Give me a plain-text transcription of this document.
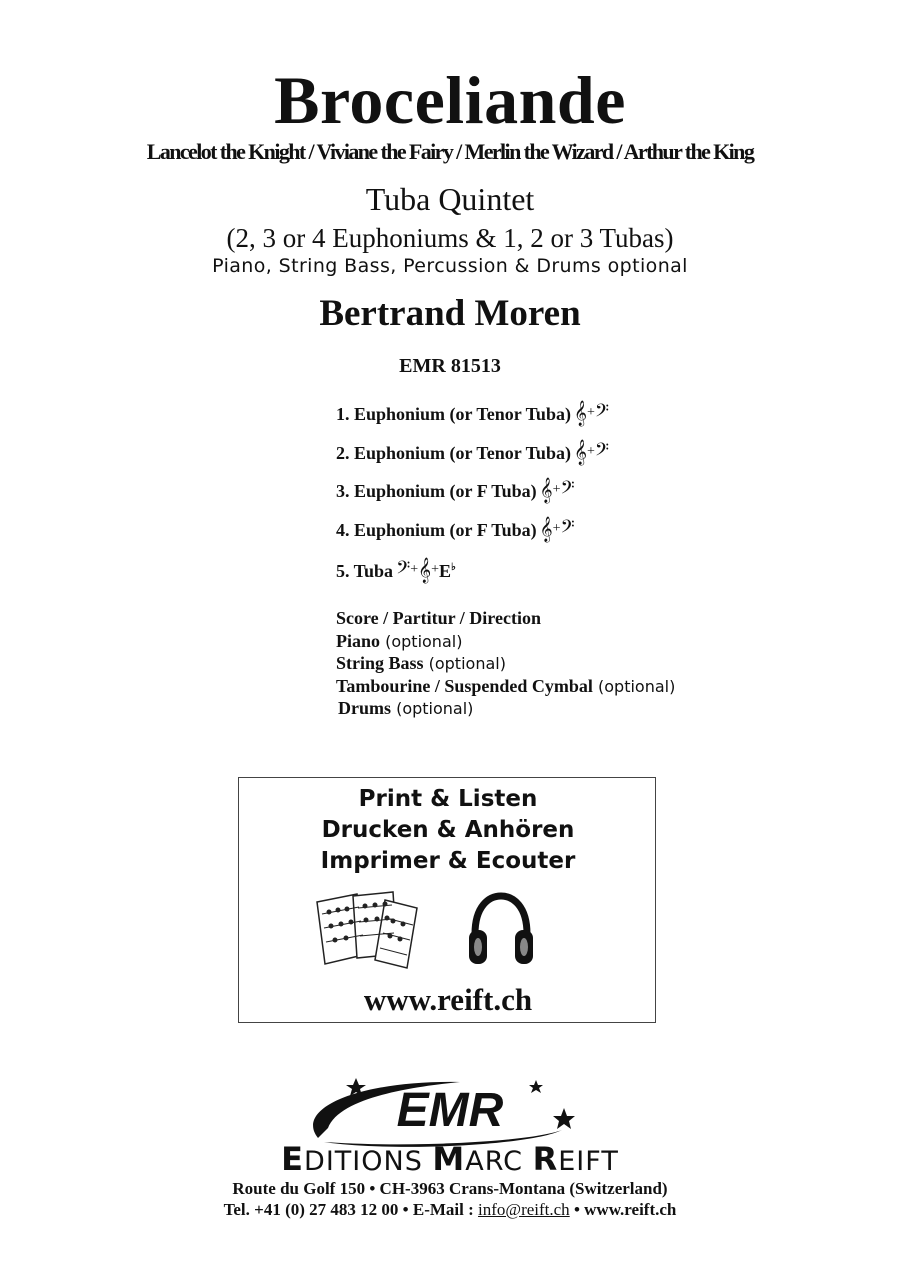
Broceliande
Lancelot the Knight / Viviane the Fairy / Merlin the Wizard / Arthur the King
Tuba Quintet
(2, 3 or 4 Euphoniums & 1, 2 or 3 Tubas)
Piano, String Bass, Percussion & Drums optional
Bertrand Moren
EMR 81513
1. Euphonium (or Tenor Tuba) 𝄞+𝄢
2. Euphonium (or Tenor Tuba) 𝄞+𝄢
3. Euphonium (or F Tuba) 𝄞+𝄢
4. Euphonium (or F Tuba) 𝄞+𝄢
5. Tuba 𝄢+𝄞+E♭
Score / Partitur / Direction
Piano (optional)
String Bass (optional)
Tambourine / Suspended Cymbal (optional)
Drums (optional)
Print & Listen
Drucken & Anhören
Imprimer & Ecouter
www.reift.ch
EMR
EDITIONS MARC REIFT
Route du Golf 150 • CH-3963 Crans-Montana (Switzerland)
Tel. +41 (0) 27 483 12 00 • E-Mail : info@reift.ch • www.reift.ch
